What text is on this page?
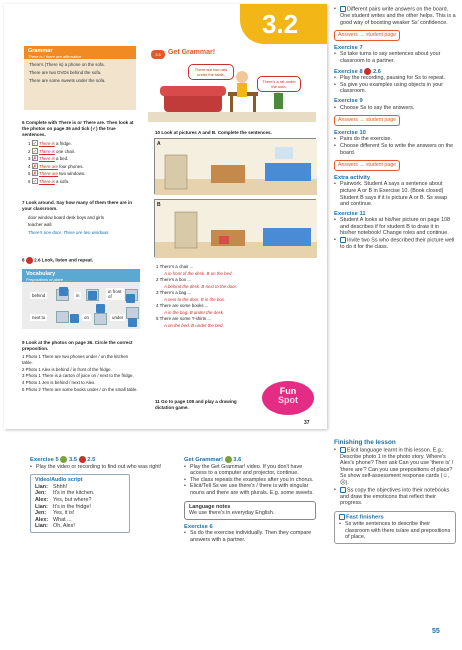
3.2
Grammar
There is / there are affirmative
There's (There is) a phone on the sofa.
There are two DVDs behind the sofa.
There are some sweets under the sofa.
3.5	Get Grammar!
There are two rats under the table.
There's a rat under the sofa.
6 Complete with There is or There are. Then look at the photos on page 36 and tick (✓) the true sentences.
1 ✓ There is a fridge.
2 ✓ There is one chair.
3 ✗ There is a bed.
4 ✗ There are four phones.
5 ✗ There are two windows.
6 ✓ There is a sofa.
7 Look around. Say how many of them there are in your classroom.
door window board desk boys and girls teacher wall
There's one door. There are two windows.
8 2.6 Look, listen and repeat.
Vocabulary
Prepositions of place
behind	in
in front of
next to	on	under
9 Look at the photos on page 36. Circle the correct preposition.
1 Photo 1 There are two phones under / on the kitchen table.
2 Photo 1 Alex is behind / in front of the fridge.
3 Photo 1 There is a carton of juice on / next to the fridge.
4 Photo 1 Jen is behind / next to Alex.
5 Photo 2 There are some books under / on the small table.
10 Look at pictures A and B. Complete the sentences.
A
B
1 There's a chair ...
A in front of the desk. B on the bed.
2 There's a box ...
A behind the desk. B next to the door.
3 There's a bag ...
A next to the door. B in the box.
4 There are some books ...
A in the bag. B under the desk.
5 There are some T-shirts ...
A on the bed. B under the bed.
11 Go to page 108 and play a drawing dictation game.
Fun
Spot
37
• Different pairs write answers on the board. One student writes and the other helps. This is a good way of boosting weaker Ss' confidence.
Answers → student page
Exercise 7
• Ss take turns to say sentences about your classroom to a partner.
Exercise 8 2.6
• Play the recording, pausing for Ss to repeat.
• Ss give you examples using objects in your classroom.
Exercise 9
• Choose Ss to say the answers.
Answers → student page
Exercise 10
• Pairs do the exercise.
• Choose different Ss to write the answers on the board.
Answers → student page
Extra activity
• Pairwork. Student A says a sentence about picture A or B in Exercise 10. (Book closed) Student B says if it is picture A or B. Ss swap and continue.
Exercise 11
• Student A looks at his/her picture on page 108 and describes if for student B to draw it in his/her notebook! Change roles and continue.
• Invite two Ss who described their picture well to do it for the class.
Finishing the lesson
• Elicit language learnt in this lesson. E.g.: Describe photo 1 in the photo story. Where's Alex's phone? Then ask Can you use 'there is' / 'there are'? Can you use prepositions of place? Ss show self-assessment response cards (☺, ☹).
• Ss copy the objectives into their notebooks and draw the emoticons that reflect their progress.
Fast finishers
• Ss write sentences to describe their classroom with there is/are and prepositions of place.
55
Exercise 5 3.5 2.5
• Play the video or recording to find out who was right!
Video/Audio script
Lian: Shhh!
Jen: It's in the kitchen.
Alex: Yes, but where?
Lian: It's in the fridge!
Jen: Yes, it is!
Alex: What ...
Lian: Oh, Alex!
Get Grammar! 3.6
• Play the Get Grammar! video. If you don't have access to a computer and projector, continue.
• The class repeats the examples after you in chorus.
• Elicit/Tell Ss we use there's / there is with singular nouns and there are with plurals. E.g. some sweets.
Language notes
We use there's in everyday English.
Exercise 6
• Ss do the exercise individually. Then they compare answers with a partner.
